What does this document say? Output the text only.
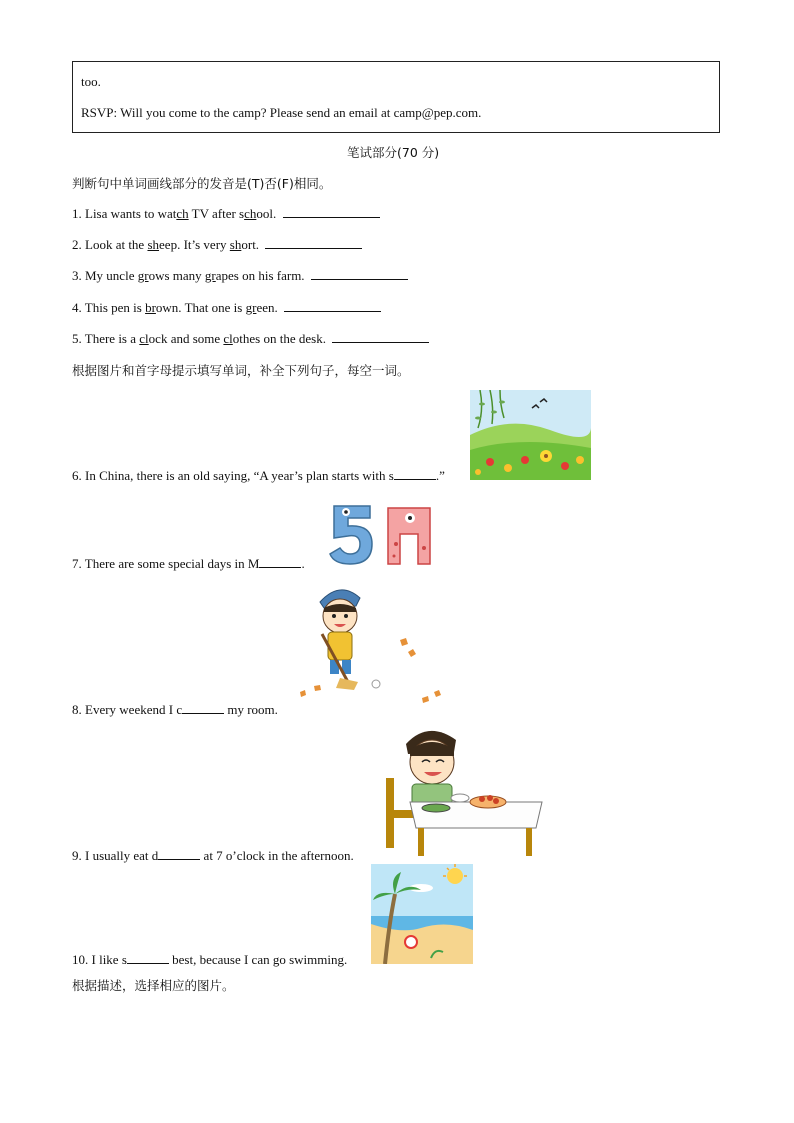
too.
RSVP: Will you come to the camp? Please send an email at camp@pep.com.
笔试部分(70 分)
判断句中单词画线部分的发音是(T)否(F)相同。
1. Lisa wants to watch TV after school.
2. Look at the sheep. It’s very short.
3. My uncle grows many grapes on his farm.
4. This pen is brown. That one is green.
5. There is a clock and some clothes on the desk.
根据图片和首字母提示填写单词，补全下列句子，每空一词。
6. In China, there is an old saying, “A year’s plan starts with s	.”
7. There are some special days in M	.
8. Every weekend I c	my room.
9. I usually eat d	at 7 o’clock in the afternoon.
10. I like s	best, because I can go swimming.
根据描述，选择相应的图片。
